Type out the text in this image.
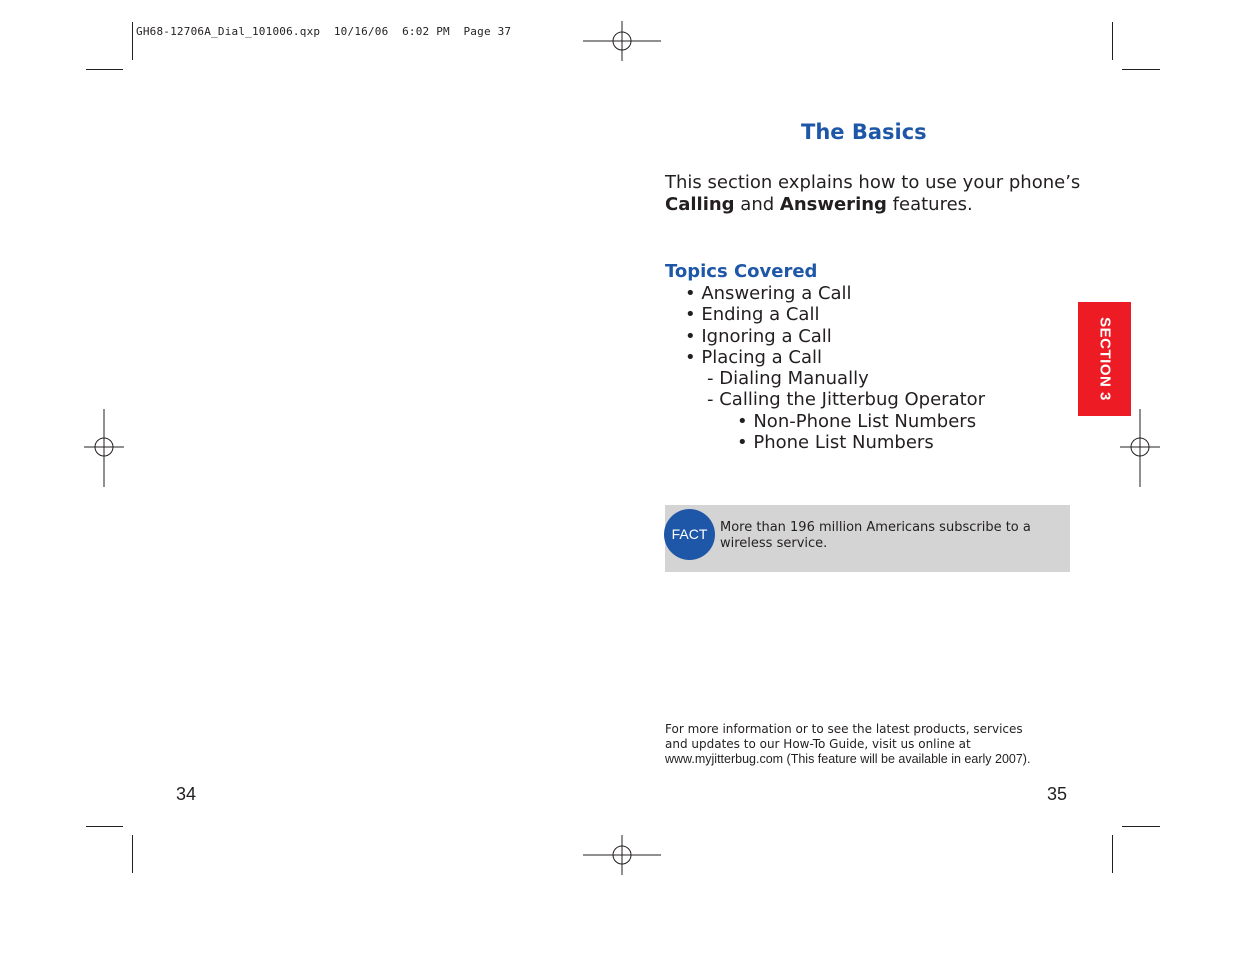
GH68-12706A_Dial_101006.qxp  10/16/06  6:02 PM  Page 37
The Basics
This section explains how to use your phone’s Calling and Answering features.
Topics Covered
• Answering a Call
• Ending a Call
• Ignoring a Call
• Placing a Call
- Dialing Manually
- Calling the Jitterbug Operator
• Non-Phone List Numbers
• Phone List Numbers
FACT More than 196 million Americans subscribe to a wireless service.
For more information or to see the latest products, services
and updates to our How-To Guide, visit us online at
www.myjitterbug.com (This feature will be available in early 2007).
34	35
SECTION 3
